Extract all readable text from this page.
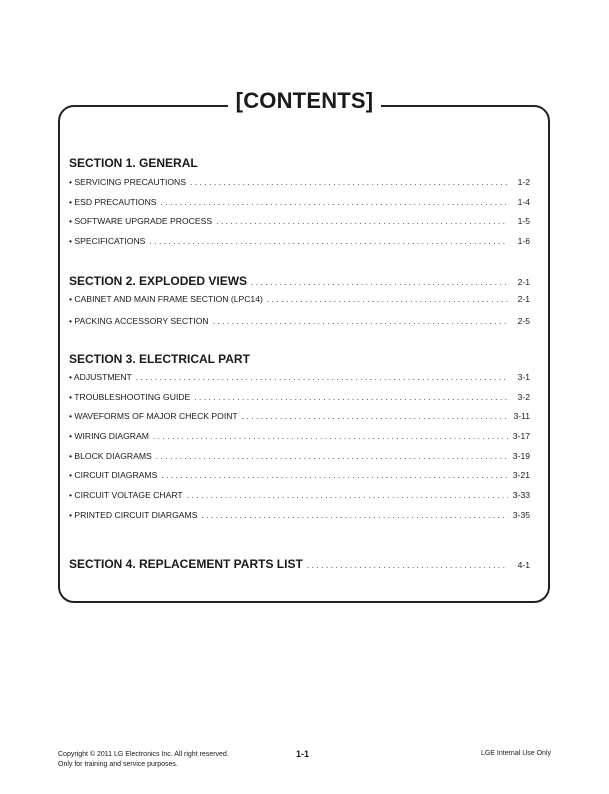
[CONTENTS]
SECTION 1. GENERAL
• SERVICING PRECAUTIONS . . .	1-2
• ESD PRECAUTIONS . . .	1-4
• SOFTWARE UPGRADE PROCESS . . .	1-5
• SPECIFICATIONS . . .	1-6
SECTION 2. EXPLODED VIEWS . . .	2-1
• CABINET AND MAIN FRAME SECTION (LPC14) . . .	2-1
• PACKING ACCESSORY SECTION . . .	2-5
SECTION 3. ELECTRICAL PART
• ADJUSTMENT . . .	3-1
• TROUBLESHOOTING GUIDE . . .	3-2
• WAVEFORMS OF MAJOR CHECK POINT . . .	3-11
• WIRING DIAGRAM . . .	3-17
• BLOCK DIAGRAMS . . .	3-19
• CIRCUIT DIAGRAMS . . .	3-21
• CIRCUIT VOLTAGE CHART . . .	3-33
• PRINTED CIRCUIT DIARGAMS . . .	3-35
SECTION 4. REPLACEMENT PARTS LIST . . .	4-1
Copyright © 2011 LG Electronics Inc. All right reserved.
Only for training and service purposes.
1-1	LGE Internal Use Only
